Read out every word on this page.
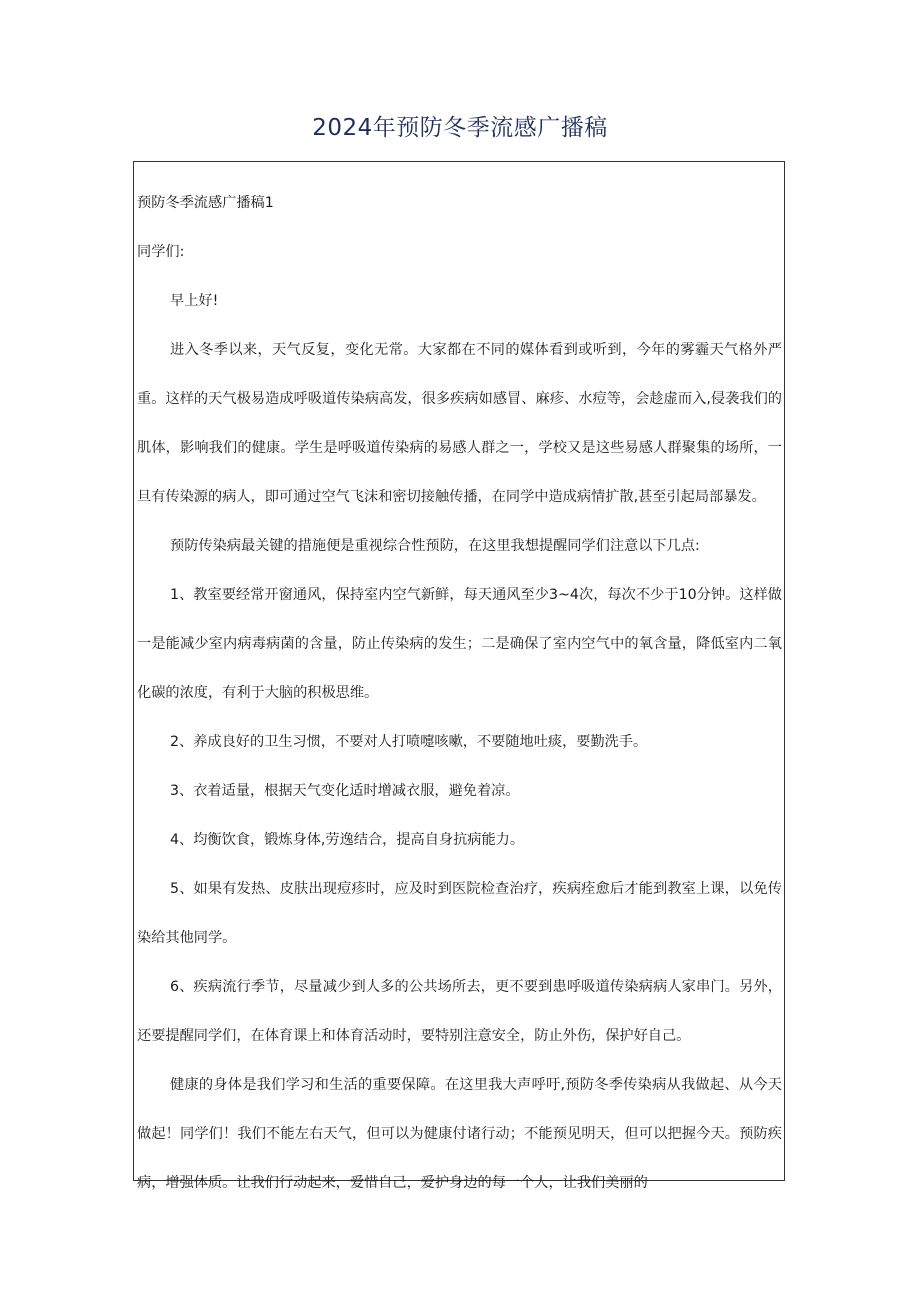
2024年预防冬季流感广播稿

预防冬季流感广播稿1

同学们:

早上好!

进入冬季以来，天气反复，变化无常。大家都在不同的媒体看到或听到，今年的雾霾天气格外严重。这样的天气极易造成呼吸道传染病高发，很多疾病如感冒、麻疹、水痘等，会趁虚而入,侵袭我们的肌体，影响我们的健康。学生是呼吸道传染病的易感人群之一，学校又是这些易感人群聚集的场所，一旦有传染源的病人，即可通过空气飞沫和密切接触传播，在同学中造成病情扩散,甚至引起局部暴发。

预防传染病最关键的措施便是重视综合性预防，在这里我想提醒同学们注意以下几点:

1、教室要经常开窗通风，保持室内空气新鲜，每天通风至少3~4次，每次不少于10分钟。这样做一是能减少室内病毒病菌的含量，防止传染病的发生；二是确保了室内空气中的氧含量，降低室内二氧化碳的浓度，有利于大脑的积极思维。

2、养成良好的卫生习惯，不要对人打喷嚏咳嗽，不要随地吐痰，要勤洗手。

3、衣着适量，根据天气变化适时增减衣服，避免着凉。

4、均衡饮食，锻炼身体,劳逸结合，提高自身抗病能力。

5、如果有发热、皮肤出现痘疹时，应及时到医院检查治疗，疾病痊愈后才能到教室上课，以免传染给其他同学。

6、疾病流行季节，尽量减少到人多的公共场所去，更不要到患呼吸道传染病病人家串门。另外，还要提醒同学们，在体育课上和体育活动时，要特别注意安全，防止外伤，保护好自己。

健康的身体是我们学习和生活的重要保障。在这里我大声呼吁,预防冬季传染病从我做起、从今天做起！同学们！我们不能左右天气，但可以为健康付诸行动；不能预见明天，但可以把握今天。预防疾病，增强体质。让我们行动起来，爱惜自己，爱护身边的每一个人，让我们美丽的
